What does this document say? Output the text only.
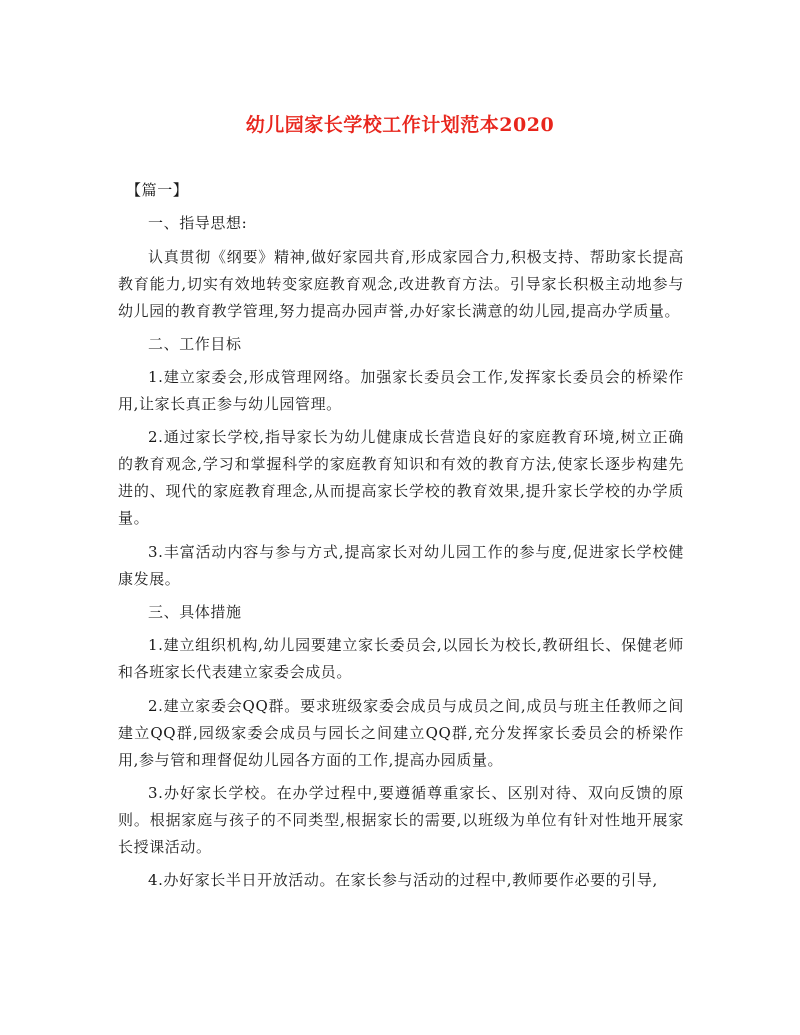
幼儿园家长学校工作计划范本2020

【篇一】

一、指导思想:

认真贯彻《纲要》精神,做好家园共育,形成家园合力,积极支持、帮助家长提高教育能力,切实有效地转变家庭教育观念,改进教育方法。引导家长积极主动地参与幼儿园的教育教学管理,努力提高办园声誉,办好家长满意的幼儿园,提高办学质量。

二、工作目标

1.建立家委会,形成管理网络。加强家长委员会工作,发挥家长委员会的桥梁作用,让家长真正参与幼儿园管理。

2.通过家长学校,指导家长为幼儿健康成长营造良好的家庭教育环境,树立正确的教育观念,学习和掌握科学的家庭教育知识和有效的教育方法,使家长逐步构建先进的、现代的家庭教育理念,从而提高家长学校的教育效果,提升家长学校的办学质量。

3.丰富活动内容与参与方式,提高家长对幼儿园工作的参与度,促进家长学校健康发展。

三、具体措施

1.建立组织机构,幼儿园要建立家长委员会,以园长为校长,教研组长、保健老师和各班家长代表建立家委会成员。

2.建立家委会QQ群。要求班级家委会成员与成员之间,成员与班主任教师之间建立QQ群,园级家委会成员与园长之间建立QQ群,充分发挥家长委员会的桥梁作用,参与管和理督促幼儿园各方面的工作,提高办园质量。

3.办好家长学校。在办学过程中,要遵循尊重家长、区别对待、双向反馈的原则。根据家庭与孩子的不同类型,根据家长的需要,以班级为单位有针对性地开展家长授课活动。

4.办好家长半日开放活动。在家长参与活动的过程中,教师要作必要的引导,
